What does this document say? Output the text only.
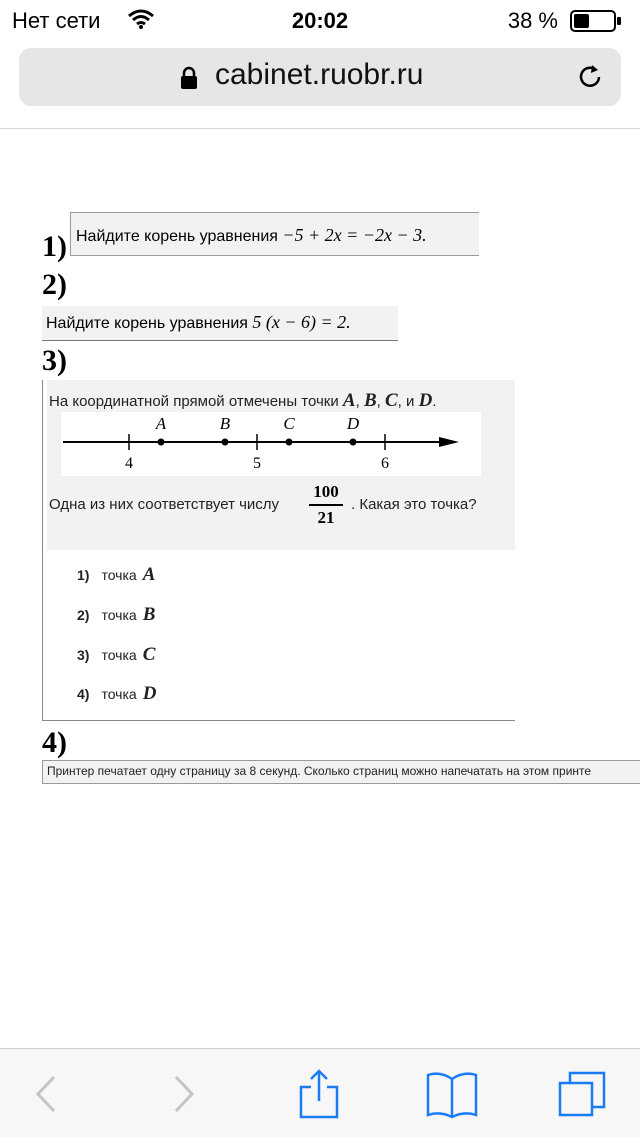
Нет сети	20:02	38 %
cabinet.ruobr.ru
1) Найдите корень уравнения −5 + 2x = −2x − 3.
2)
Найдите корень уравнения 5 (x − 6) = 2.
3)
На координатной прямой отмечены точки A, B, C, и D.
4	5	6
A	B	C	D
Одна из них соответствует числу
100
21
. Какая это точка?
1) точка A
2) точка B
3) точка C
4) точка D
4)
Принтер печатает одну страницу за 8 секунд. Сколько страниц можно напечатать на этом принте
